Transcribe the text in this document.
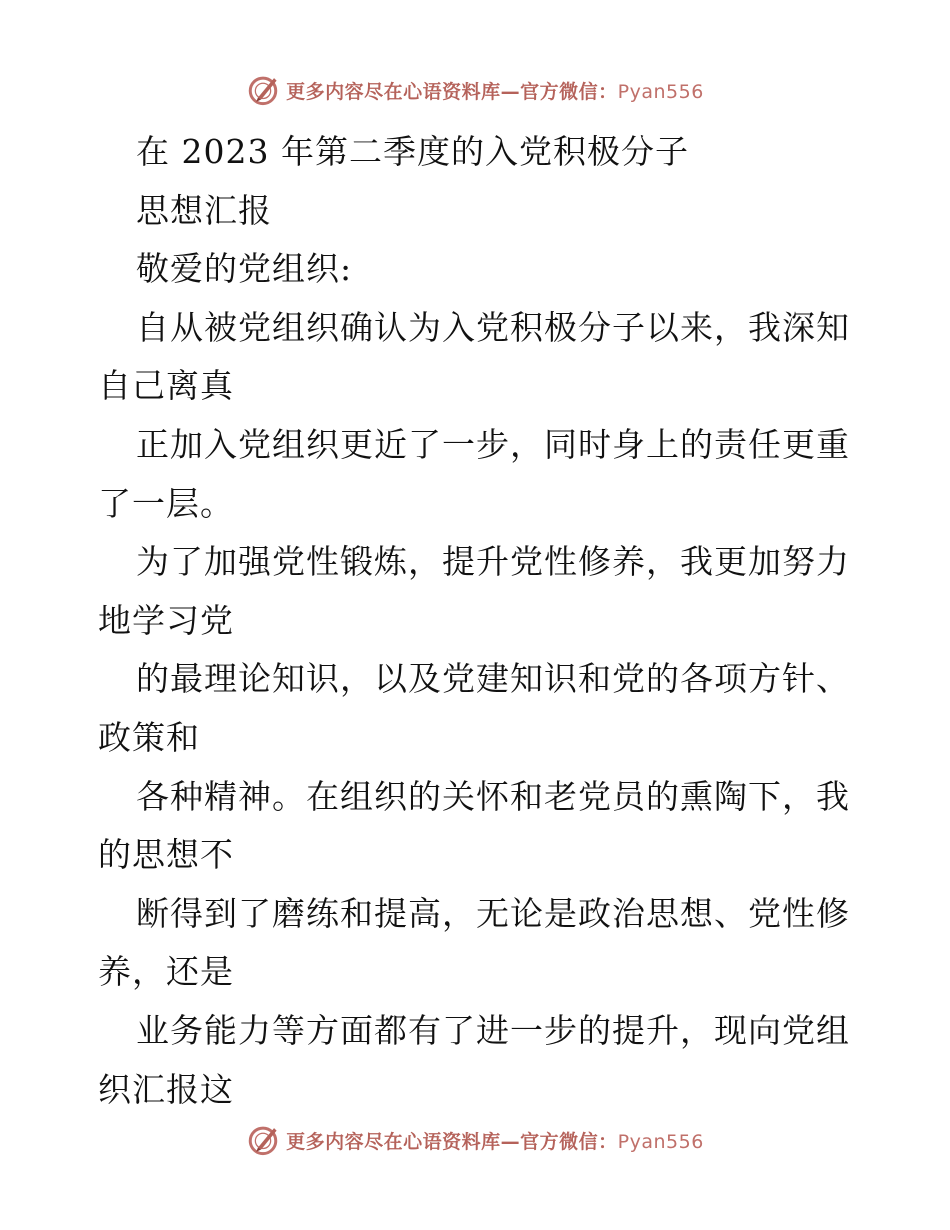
更多内容尽在心语资料库—官方微信：Pyan556
在 2023 年第二季度的入党积极分子
思想汇报
敬爱的党组织:
自从被党组织确认为入党积极分子以来，我深知
自己离真
正加入党组织更近了一步，同时身上的责任更重
了一层。
为了加强党性锻炼，提升党性修养，我更加努力
地学习党
的最理论知识，以及党建知识和党的各项方针、
政策和
各种精神。在组织的关怀和老党员的熏陶下，我
的思想不
断得到了磨练和提高，无论是政治思想、党性修
养，还是
业务能力等方面都有了进一步的提升，现向党组
织汇报这
更多内容尽在心语资料库—官方微信：Pyan556
